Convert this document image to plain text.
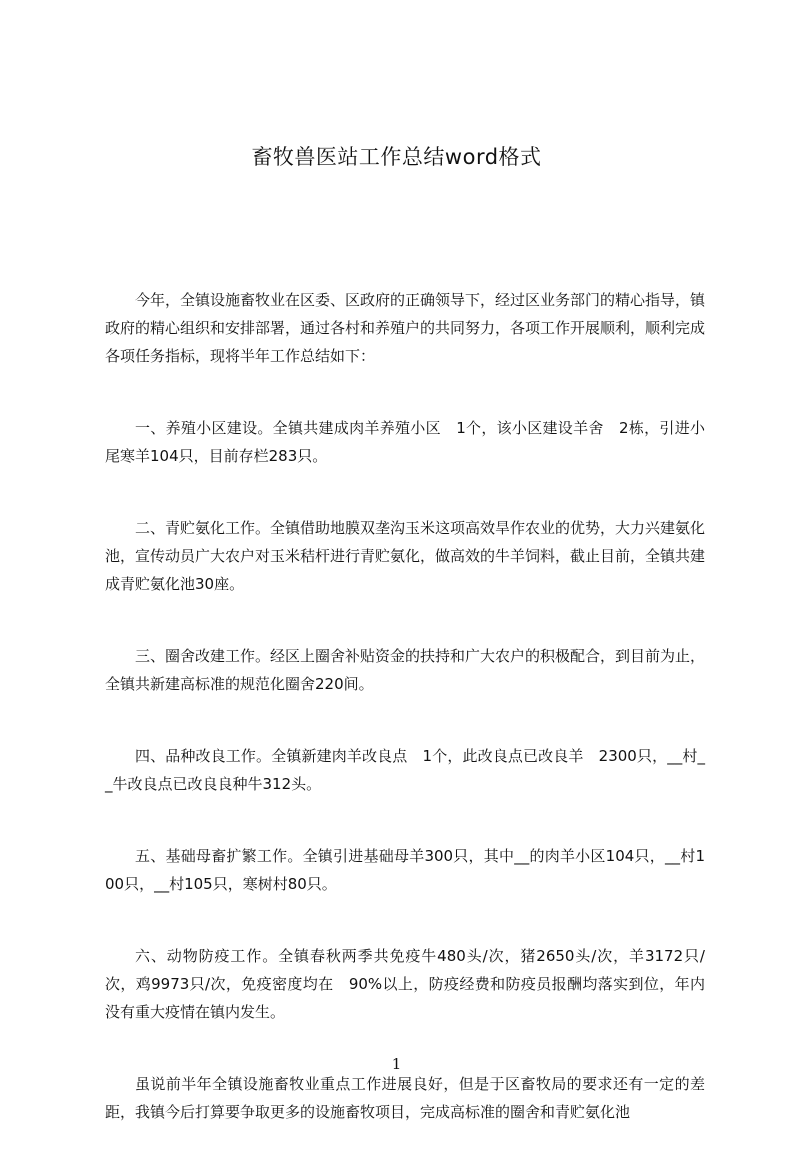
畜牧兽医站工作总结word格式

今年，全镇设施畜牧业在区委、区政府的正确领导下，经过区业务部门的精心指导，镇政府的精心组织和安排部署，通过各村和养殖户的共同努力，各项工作开展顺利，顺利完成各项任务指标，现将半年工作总结如下：

一、养殖小区建设。全镇共建成肉羊养殖小区　1个，该小区建设羊舍　2栋，引进小尾寒羊104只，目前存栏283只。

二、青贮氨化工作。全镇借助地膜双垄沟玉米这项高效旱作农业的优势，大力兴建氨化池，宣传动员广大农户对玉米秸杆进行青贮氨化，做高效的牛羊饲料，截止目前，全镇共建成青贮氨化池30座。

三、圈舍改建工作。经区上圈舍补贴资金的扶持和广大农户的积极配合，到目前为止，全镇共新建高标准的规范化圈舍220间。

四、品种改良工作。全镇新建肉羊改良点　1个，此改良点已改良羊　2300只，__村__牛改良点已改良良种牛312头。

五、基础母畜扩繁工作。全镇引进基础母羊300只，其中__的肉羊小区104只，__村100只，__村105只，寒树村80只。

六、动物防疫工作。全镇春秋两季共免疫牛480头/次，猪2650头/次，羊3172只/次，鸡9973只/次，免疫密度均在　90%以上，防疫经费和防疫员报酬均落实到位，年内没有重大疫情在镇内发生。

虽说前半年全镇设施畜牧业重点工作进展良好，但是于区畜牧局的要求还有一定的差距，我镇今后打算要争取更多的设施畜牧项目，完成高标准的圈舍和青贮氨化池

1
